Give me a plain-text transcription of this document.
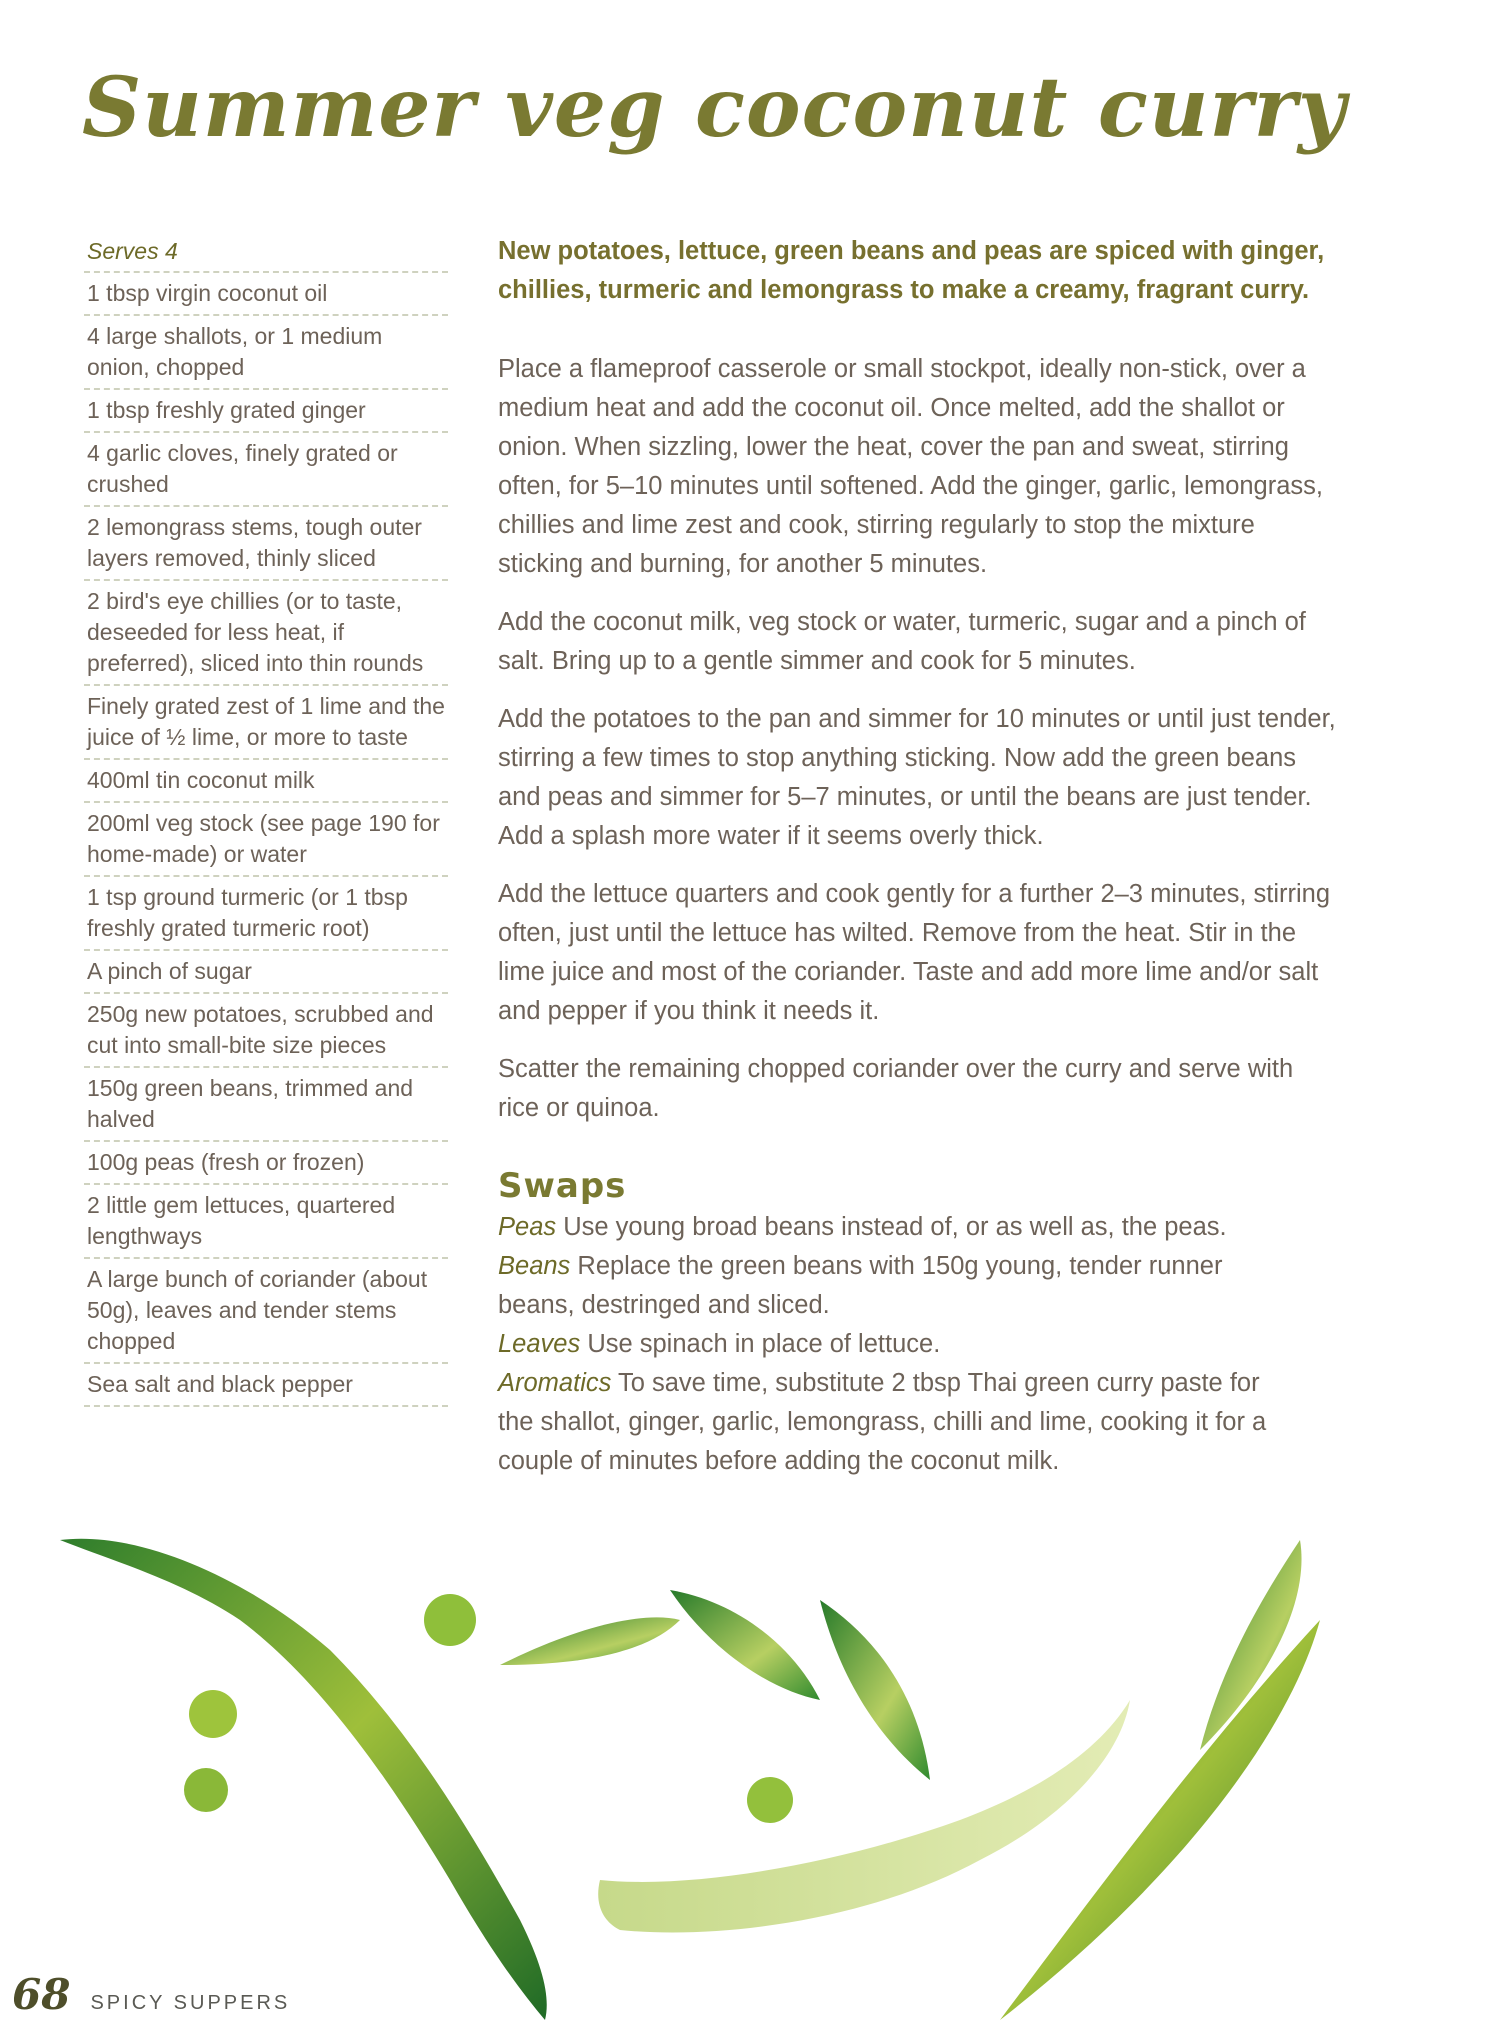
Summer veg coconut curry
Serves 4
1 tbsp virgin coconut oil
4 large shallots, or 1 medium onion, chopped
1 tbsp freshly grated ginger
4 garlic cloves, finely grated or crushed
2 lemongrass stems, tough outer layers removed, thinly sliced
2 bird's eye chillies (or to taste, deseeded for less heat, if preferred), sliced into thin rounds
Finely grated zest of 1 lime and the juice of ½ lime, or more to taste
400ml tin coconut milk
200ml veg stock (see page 190 for home-made) or water
1 tsp ground turmeric (or 1 tbsp freshly grated turmeric root)
A pinch of sugar
250g new potatoes, scrubbed and cut into small-bite size pieces
150g green beans, trimmed and halved
100g peas (fresh or frozen)
2 little gem lettuces, quartered lengthways
A large bunch of coriander (about 50g), leaves and tender stems chopped
Sea salt and black pepper

New potatoes, lettuce, green beans and peas are spiced with ginger, chillies, turmeric and lemongrass to make a creamy, fragrant curry.

Place a flameproof casserole or small stockpot, ideally non-stick, over a medium heat and add the coconut oil. Once melted, add the shallot or onion. When sizzling, lower the heat, cover the pan and sweat, stirring often, for 5–10 minutes until softened. Add the ginger, garlic, lemongrass, chillies and lime zest and cook, stirring regularly to stop the mixture sticking and burning, for another 5 minutes.

Add the coconut milk, veg stock or water, turmeric, sugar and a pinch of salt. Bring up to a gentle simmer and cook for 5 minutes.

Add the potatoes to the pan and simmer for 10 minutes or until just tender, stirring a few times to stop anything sticking. Now add the green beans and peas and simmer for 5–7 minutes, or until the beans are just tender. Add a splash more water if it seems overly thick.

Add the lettuce quarters and cook gently for a further 2–3 minutes, stirring often, just until the lettuce has wilted. Remove from the heat. Stir in the lime juice and most of the coriander. Taste and add more lime and/or salt and pepper if you think it needs it.

Scatter the remaining chopped coriander over the curry and serve with rice or quinoa.

Swaps

Peas Use young broad beans instead of, or as well as, the peas.

Beans Replace the green beans with 150g young, tender runner beans, destringed and sliced.

Leaves Use spinach in place of lettuce.

Aromatics To save time, substitute 2 tbsp Thai green curry paste for the shallot, ginger, garlic, lemongrass, chilli and lime, cooking it for a couple of minutes before adding the coconut milk.

68 SPICY SUPPERS
